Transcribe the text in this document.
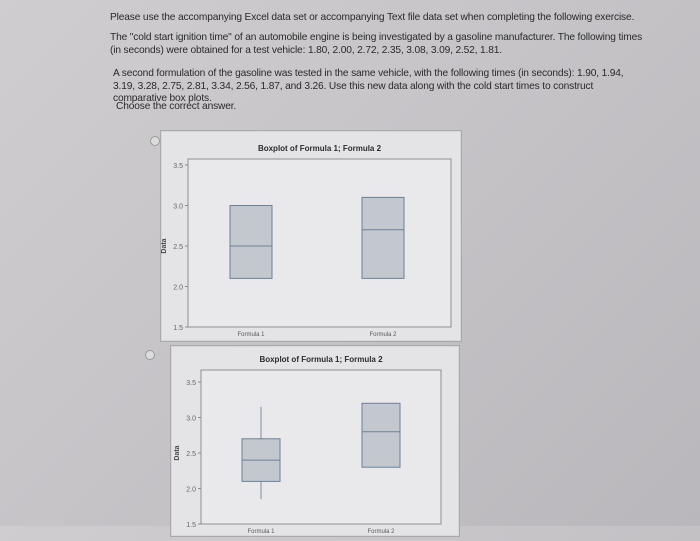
Please use the accompanying Excel data set or accompanying Text file data set when completing the following exercise.
The "cold start ignition time" of an automobile engine is being investigated by a gasoline manufacturer. The following times (in seconds) were obtained for a test vehicle: 1.80, 2.00, 2.72, 2.35, 3.08, 3.09, 2.52, 1.81.
A second formulation of the gasoline was tested in the same vehicle, with the following times (in seconds): 1.90, 1.94, 3.19, 3.28, 2.75, 2.81, 3.34, 2.56, 1.87, and 3.26. Use this new data along with the cold start times to construct comparative box plots.
Choose the correct answer.
Boxplot of Formula 1; Formula 2
3.5
3.0
2.5
2.0
1.5
Data
Formula 1	Formula 2
Boxplot of Formula 1; Formula 2
3.5
3.0
2.5
2.0
1.5
Data
Formula 1	Formula 2
